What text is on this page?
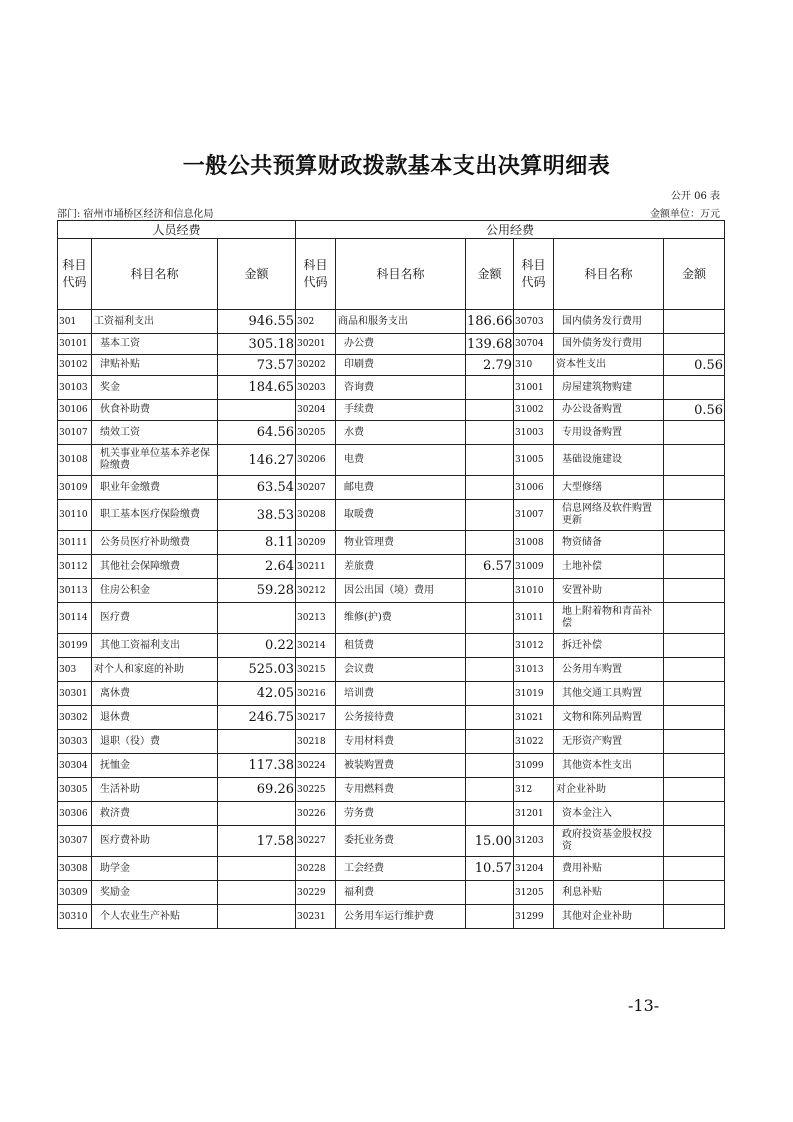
一般公共预算财政拨款基本支出决算明细表
公开 06 表
部门: 宿州市埇桥区经济和信息化局	金额单位：万元
人员经费			公用经费					
科目
代码	科目名称	金额	科目
代码	科目名称	金额	科目
代码	科目名称	金额
301	工资福利支出	946.55	302	商品和服务支出	186.66	30703	国内债务发行费用	
30101	基本工资	305.18	30201	办公费	139.68	30704	国外债务发行费用	
30102	津贴补贴	73.57	30202	印刷费	2.79	310	资本性支出	0.56
30103	奖金	184.65	30203	咨询费		31001	房屋建筑物购建	
30106	伙食补助费		30204	手续费		31002	办公设备购置	0.56
30107	绩效工资	64.56	30205	水费		31003	专用设备购置	
30108	机关事业单位基本养老保险缴费	146.27	30206	电费		31005	基础设施建设	
30109	职业年金缴费	63.54	30207	邮电费		31006	大型修缮	
30110	职工基本医疗保险缴费	38.53	30208	取暖费		31007	信息网络及软件购置更新	
30111	公务员医疗补助缴费	8.11	30209	物业管理费		31008	物资储备	
30112	其他社会保障缴费	2.64	30211	差旅费	6.57	31009	土地补偿	
30113	住房公积金	59.28	30212	因公出国（境）费用		31010	安置补助	
30114	医疗费		30213	维修(护)费		31011	地上附着物和青苗补偿	
30199	其他工资福利支出	0.22	30214	租赁费		31012	拆迁补偿	
303	对个人和家庭的补助	525.03	30215	会议费		31013	公务用车购置	
30301	离休费	42.05	30216	培训费		31019	其他交通工具购置	
30302	退休费	246.75	30217	公务接待费		31021	文物和陈列品购置	
30303	退职（役）费		30218	专用材料费		31022	无形资产购置	
30304	抚恤金	117.38	30224	被装购置费		31099	其他资本性支出	
30305	生活补助	69.26	30225	专用燃料费		312	对企业补助	
30306	救济费		30226	劳务费		31201	资本金注入	
30307	医疗费补助	17.58	30227	委托业务费	15.00	31203	政府投资基金股权投资	
30308	助学金		30228	工会经费	10.57	31204	费用补贴	
30309	奖励金		30229	福利费		31205	利息补贴	
30310	个人农业生产补贴		30231	公务用车运行维护费		31299	其他对企业补助	
-13-
